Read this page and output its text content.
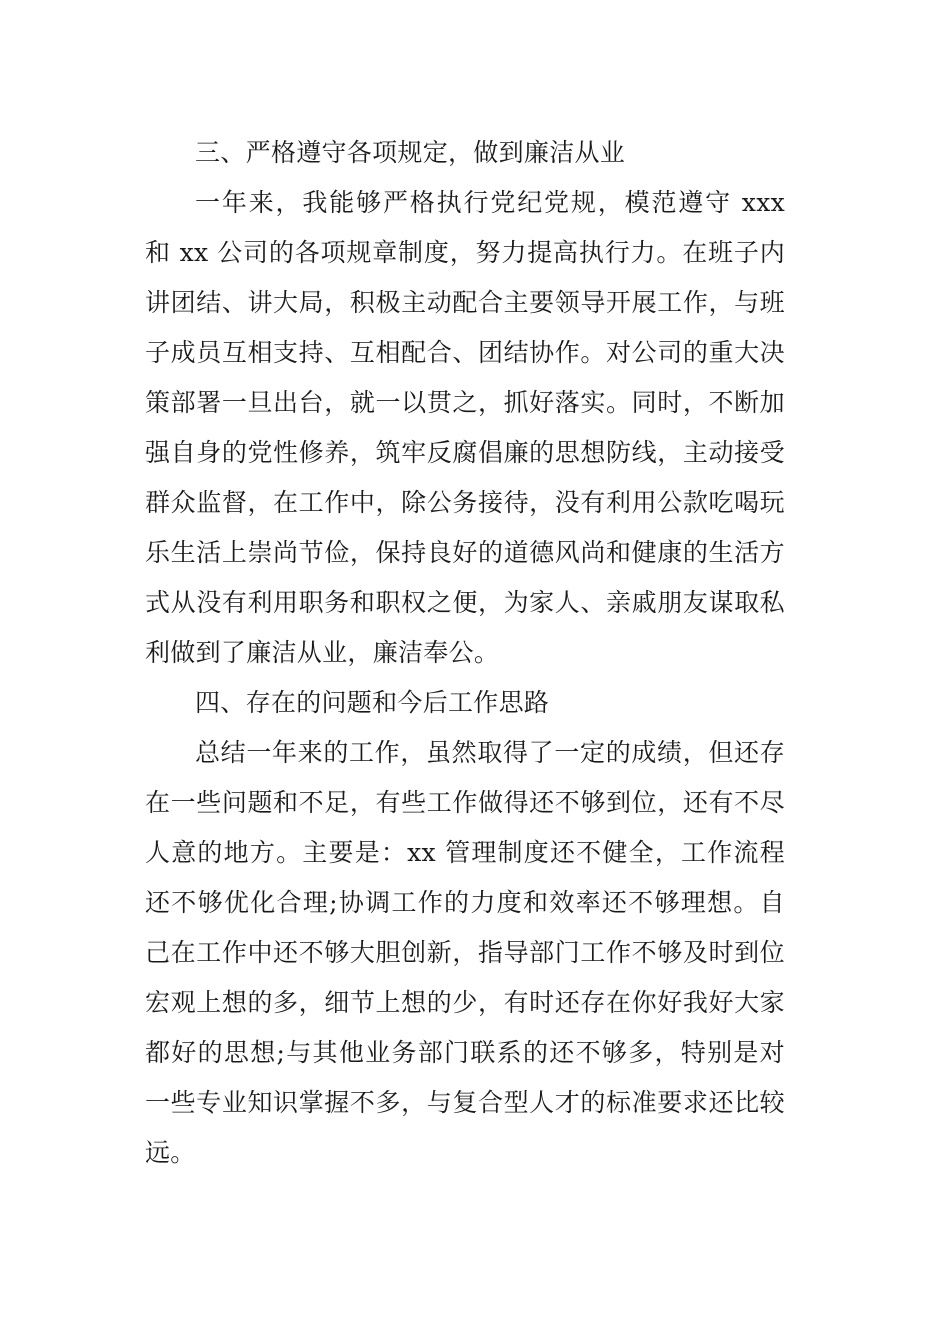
三、严格遵守各项规定，做到廉洁从业

一年来，我能够严格执行党纪党规，模范遵守 xxx 和 xx 公司的各项规章制度，努力提高执行力。在班子内讲团结、讲大局，积极主动配合主要领导开展工作，与班子成员互相支持、互相配合、团结协作。对公司的重大决策部署一旦出台，就一以贯之，抓好落实。同时，不断加强自身的党性修养，筑牢反腐倡廉的思想防线，主动接受群众监督，在工作中，除公务接待，没有利用公款吃喝玩乐生活上崇尚节俭，保持良好的道德风尚和健康的生活方式从没有利用职务和职权之便，为家人、亲戚朋友谋取私利做到了廉洁从业，廉洁奉公。

四、存在的问题和今后工作思路

总结一年来的工作，虽然取得了一定的成绩，但还存在一些问题和不足，有些工作做得还不够到位，还有不尽人意的地方。主要是：xx 管理制度还不健全，工作流程还不够优化合理;协调工作的力度和效率还不够理想。自己在工作中还不够大胆创新，指导部门工作不够及时到位宏观上想的多，细节上想的少，有时还存在你好我好大家都好的思想;与其他业务部门联系的还不够多，特别是对一些专业知识掌握不多，与复合型人才的标准要求还比较远。
